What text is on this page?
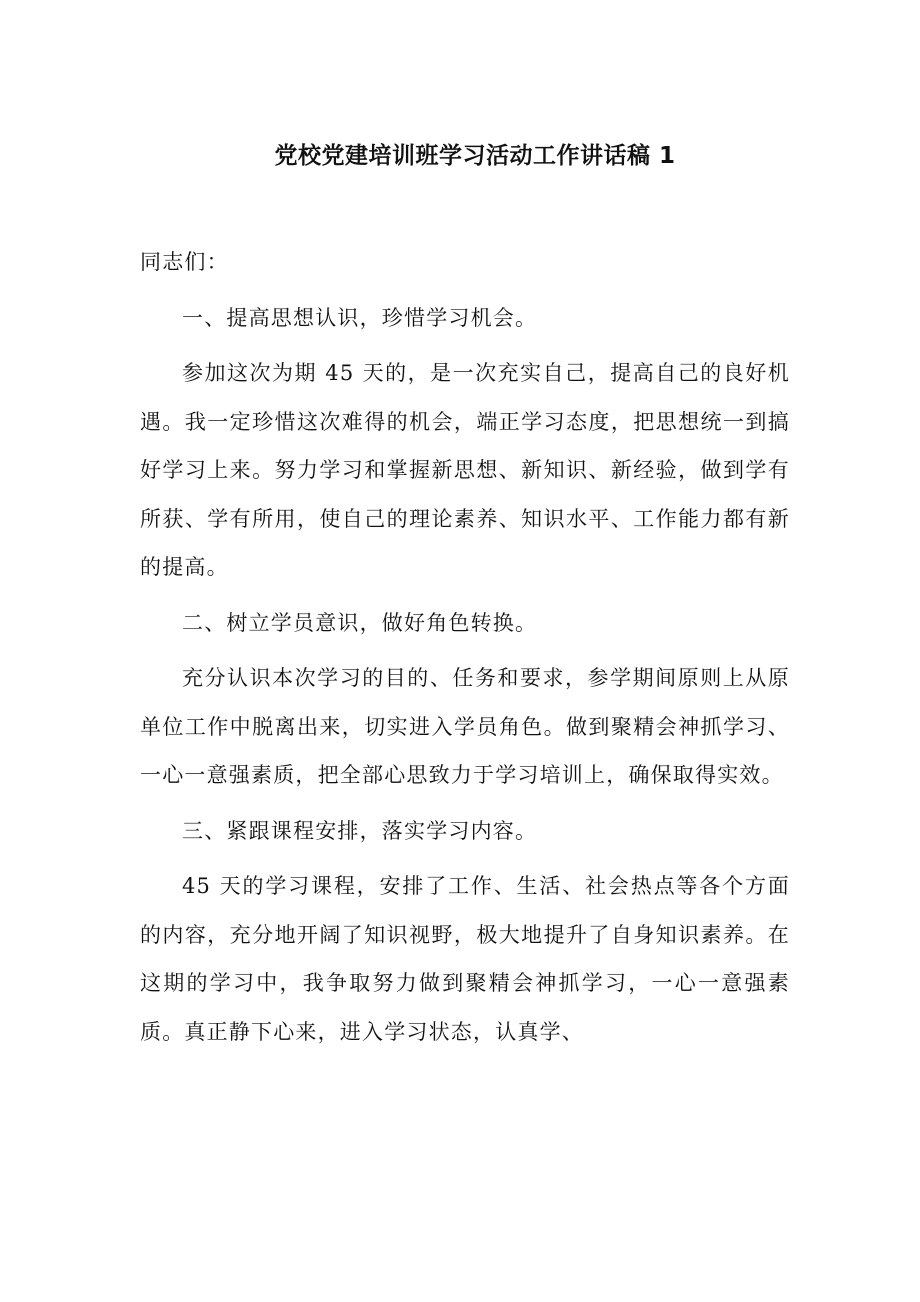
党校党建培训班学习活动工作讲话稿 1

同志们：

一、提高思想认识，珍惜学习机会。

参加这次为期 45 天的，是一次充实自己，提高自己的良好机遇。我一定珍惜这次难得的机会，端正学习态度，把思想统一到搞好学习上来。努力学习和掌握新思想、新知识、新经验，做到学有所获、学有所用，使自己的理论素养、知识水平、工作能力都有新的提高。

二、树立学员意识，做好角色转换。

充分认识本次学习的目的、任务和要求，参学期间原则上从原单位工作中脱离出来，切实进入学员角色。做到聚精会神抓学习、一心一意强素质，把全部心思致力于学习培训上，确保取得实效。

三、紧跟课程安排，落实学习内容。

45 天的学习课程，安排了工作、生活、社会热点等各个方面的内容，充分地开阔了知识视野，极大地提升了自身知识素养。在这期的学习中，我争取努力做到聚精会神抓学习，一心一意强素质。真正静下心来，进入学习状态，认真学、
